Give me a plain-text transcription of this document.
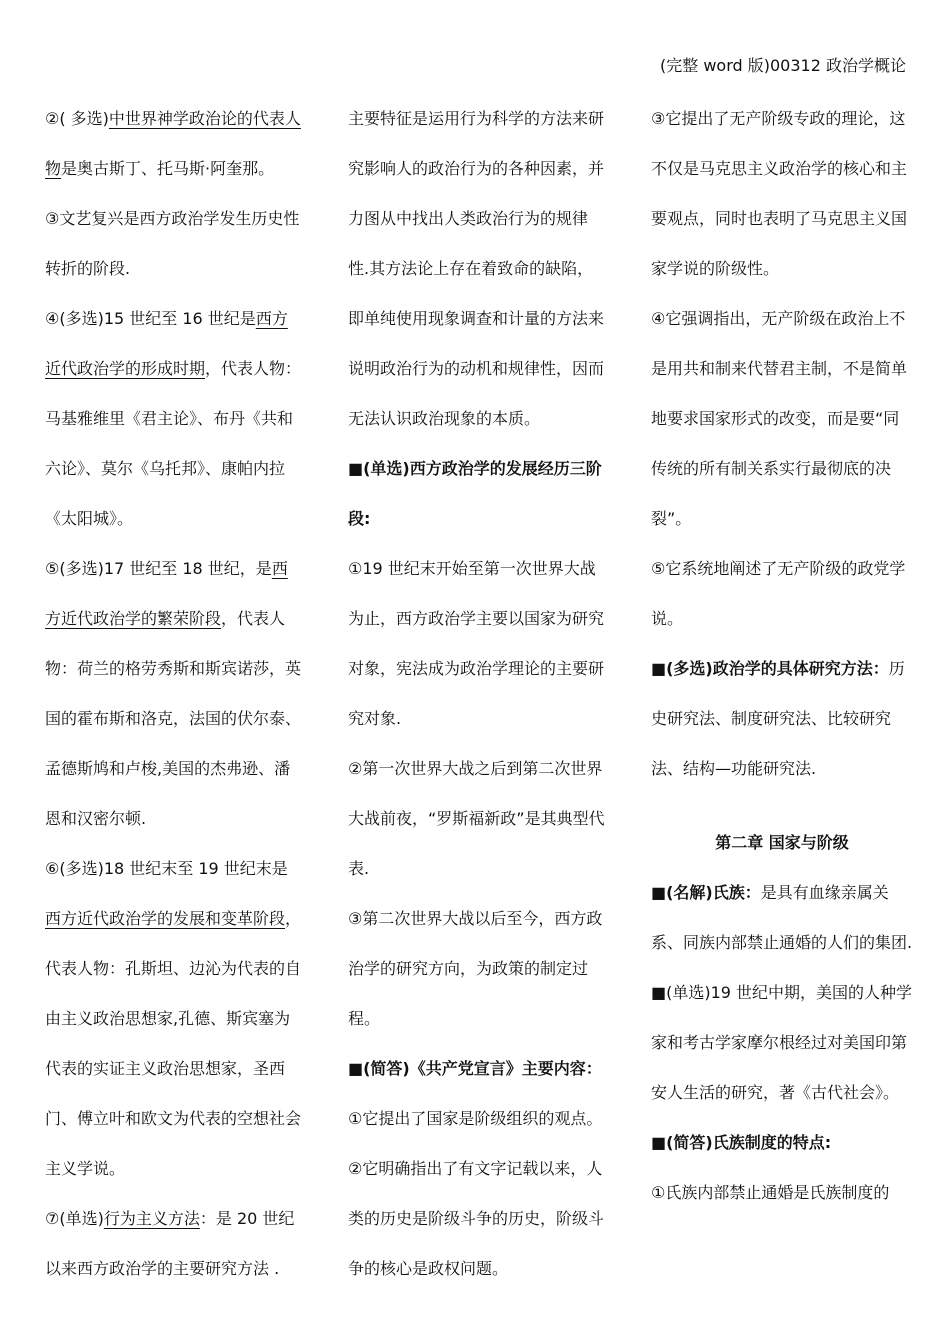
(完整 word 版)00312 政治学概论

②( 多选)中世界神学政治论的代表人物是奥古斯丁、托马斯·阿奎那。

③文艺复兴是西方政治学发生历史性转折的阶段.

④(多选)15 世纪至 16 世纪是西方近代政治学的形成时期，代表人物：马基雅维里《君主论》、布丹《共和六论》、莫尔《乌托邦》、康帕内拉《太阳城》。

⑤(多选)17 世纪至 18 世纪，是西方近代政治学的繁荣阶段，代表人物：荷兰的格劳秀斯和斯宾诺莎，英国的霍布斯和洛克，法国的伏尔泰、孟德斯鸠和卢梭,美国的杰弗逊、潘恩和汉密尔顿.

⑥(多选)18 世纪末至 19 世纪末是西方近代政治学的发展和变革阶段，代表人物：孔斯坦、边沁为代表的自由主义政治思想家,孔德、斯宾塞为代表的实证主义政治思想家，圣西门、傅立叶和欧文为代表的空想社会主义学说。

⑦(单选)行为主义方法：是 20 世纪以来西方政治学的主要研究方法 .

主要特征是运用行为科学的方法来研究影响人的政治行为的各种因素，并力图从中找出人类政治行为的规律性.其方法论上存在着致命的缺陷，即单纯使用现象调查和计量的方法来说明政治行为的动机和规律性，因而无法认识政治现象的本质。

■(单选)西方政治学的发展经历三阶段:

①19 世纪末开始至第一次世界大战为止，西方政治学主要以国家为研究对象，宪法成为政治学理论的主要研究对象.

②第一次世界大战之后到第二次世界大战前夜，“罗斯福新政”是其典型代表.

③第二次世界大战以后至今，西方政治学的研究方向，为政策的制定过程。

■(简答)《共产党宣言》主要内容：

①它提出了国家是阶级组织的观点。

②它明确指出了有文字记载以来，人类的历史是阶级斗争的历史，阶级斗争的核心是政权问题。

③它提出了无产阶级专政的理论，这不仅是马克思主义政治学的核心和主要观点，同时也表明了马克思主义国家学说的阶级性。

④它强调指出，无产阶级在政治上不是用共和制来代替君主制，不是简单地要求国家形式的改变，而是要“同传统的所有制关系实行最彻底的决裂”。

⑤它系统地阐述了无产阶级的政党学说。

■(多选)政治学的具体研究方法：历史研究法、制度研究法、比较研究法、结构—功能研究法.

第二章 国家与阶级

■(名解)氏族：是具有血缘亲属关系、同族内部禁止通婚的人们的集团.

■(单选)19 世纪中期，美国的人种学家和考古学家摩尔根经过对美国印第安人生活的研究，著《古代社会》。

■(简答)氏族制度的特点:

①氏族内部禁止通婚是氏族制度的
